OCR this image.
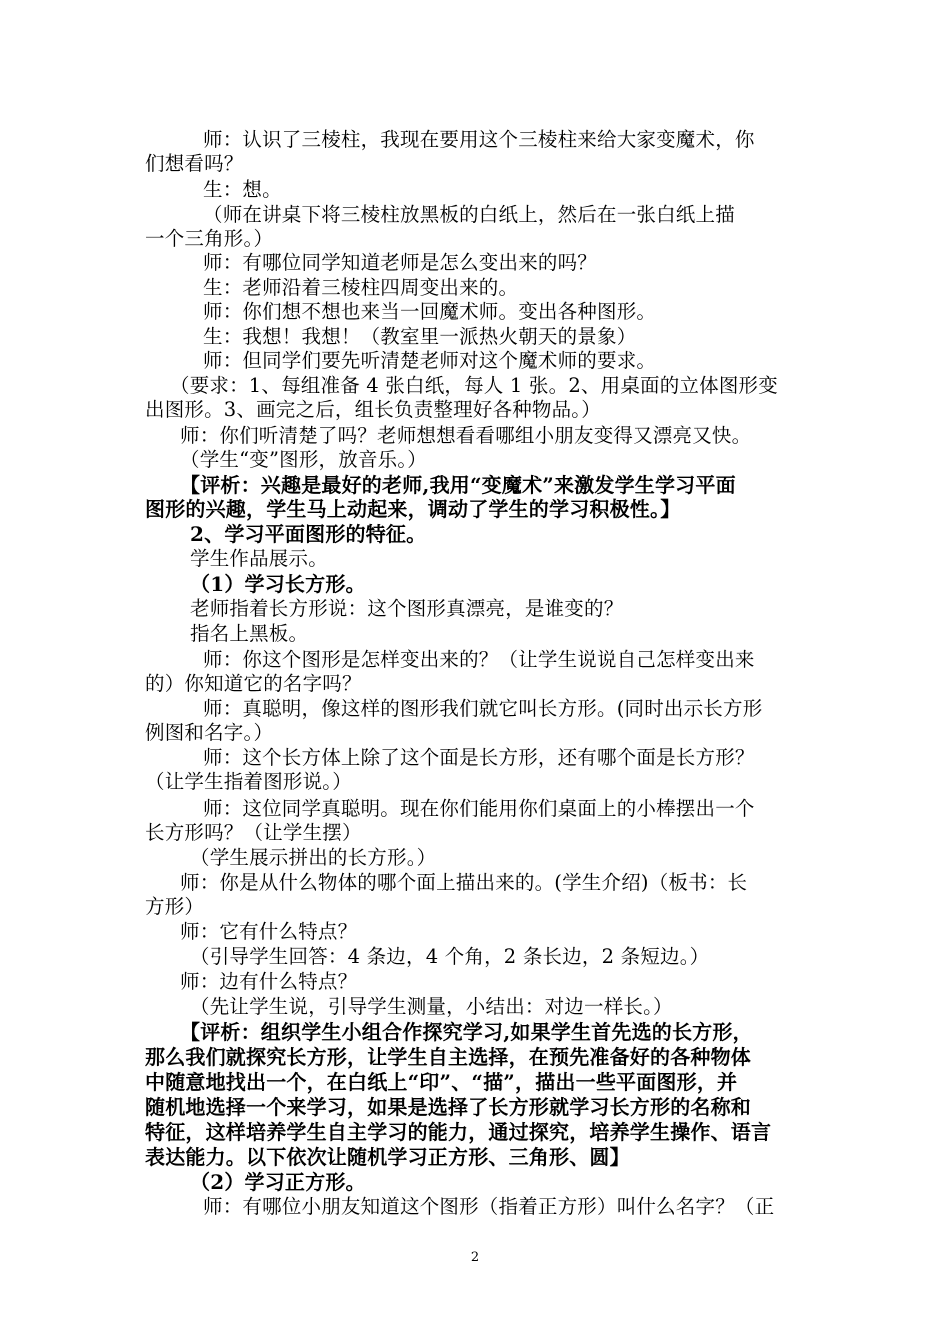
师：认识了三棱柱，我现在要用这个三棱柱来给大家变魔术，你
们想看吗？
生：想。
（师在讲桌下将三棱柱放黑板的白纸上，然后在一张白纸上描
一个三角形。）
师：有哪位同学知道老师是怎么变出来的吗？
生：老师沿着三棱柱四周变出来的。
师：你们想不想也来当一回魔术师。变出各种图形。
生：我想！我想！（教室里一派热火朝天的景象）
师：但同学们要先听清楚老师对这个魔术师的要求。
（要求：1、每组准备 4 张白纸，每人 1 张。2、用桌面的立体图形变
出图形。3、画完之后，组长负责整理好各种物品。）
师：你们听清楚了吗？老师想想看看哪组小朋友变得又漂亮又快。
（学生“变”图形，放音乐。）
【评析：兴趣是最好的老师,我用“变魔术”来激发学生学习平面
图形的兴趣，学生马上动起来，调动了学生的学习积极性。】
2、学习平面图形的特征。
学生作品展示。
（1）学习长方形。
老师指着长方形说：这个图形真漂亮，是谁变的？
指名上黑板。
师：你这个图形是怎样变出来的？（让学生说说自己怎样变出来
的）你知道它的名字吗？
师：真聪明，像这样的图形我们就它叫长方形。(同时出示长方形
例图和名字。）
师：这个长方体上除了这个面是长方形，还有哪个面是长方形？
（让学生指着图形说。）
师：这位同学真聪明。现在你们能用你们桌面上的小棒摆出一个
长方形吗？（让学生摆）
（学生展示拼出的长方形。）
师：你是从什么物体的哪个面上描出来的。(学生介绍)（板书：长
方形）
师：它有什么特点？
（引导学生回答：4 条边，4 个角，2 条长边，2 条短边。）
师：边有什么特点？
（先让学生说，引导学生测量，小结出：对边一样长。）
【评析：组织学生小组合作探究学习,如果学生首先选的长方形，
那么我们就探究长方形，让学生自主选择，在预先准备好的各种物体
中随意地找出一个，在白纸上“印”、“描”，描出一些平面图形，并
随机地选择一个来学习，如果是选择了长方形就学习长方形的名称和
特征，这样培养学生自主学习的能力，通过探究，培养学生操作、语言
表达能力。以下依次让随机学习正方形、三角形、圆】
（2）学习正方形。
师：有哪位小朋友知道这个图形（指着正方形）叫什么名字？（正
2
